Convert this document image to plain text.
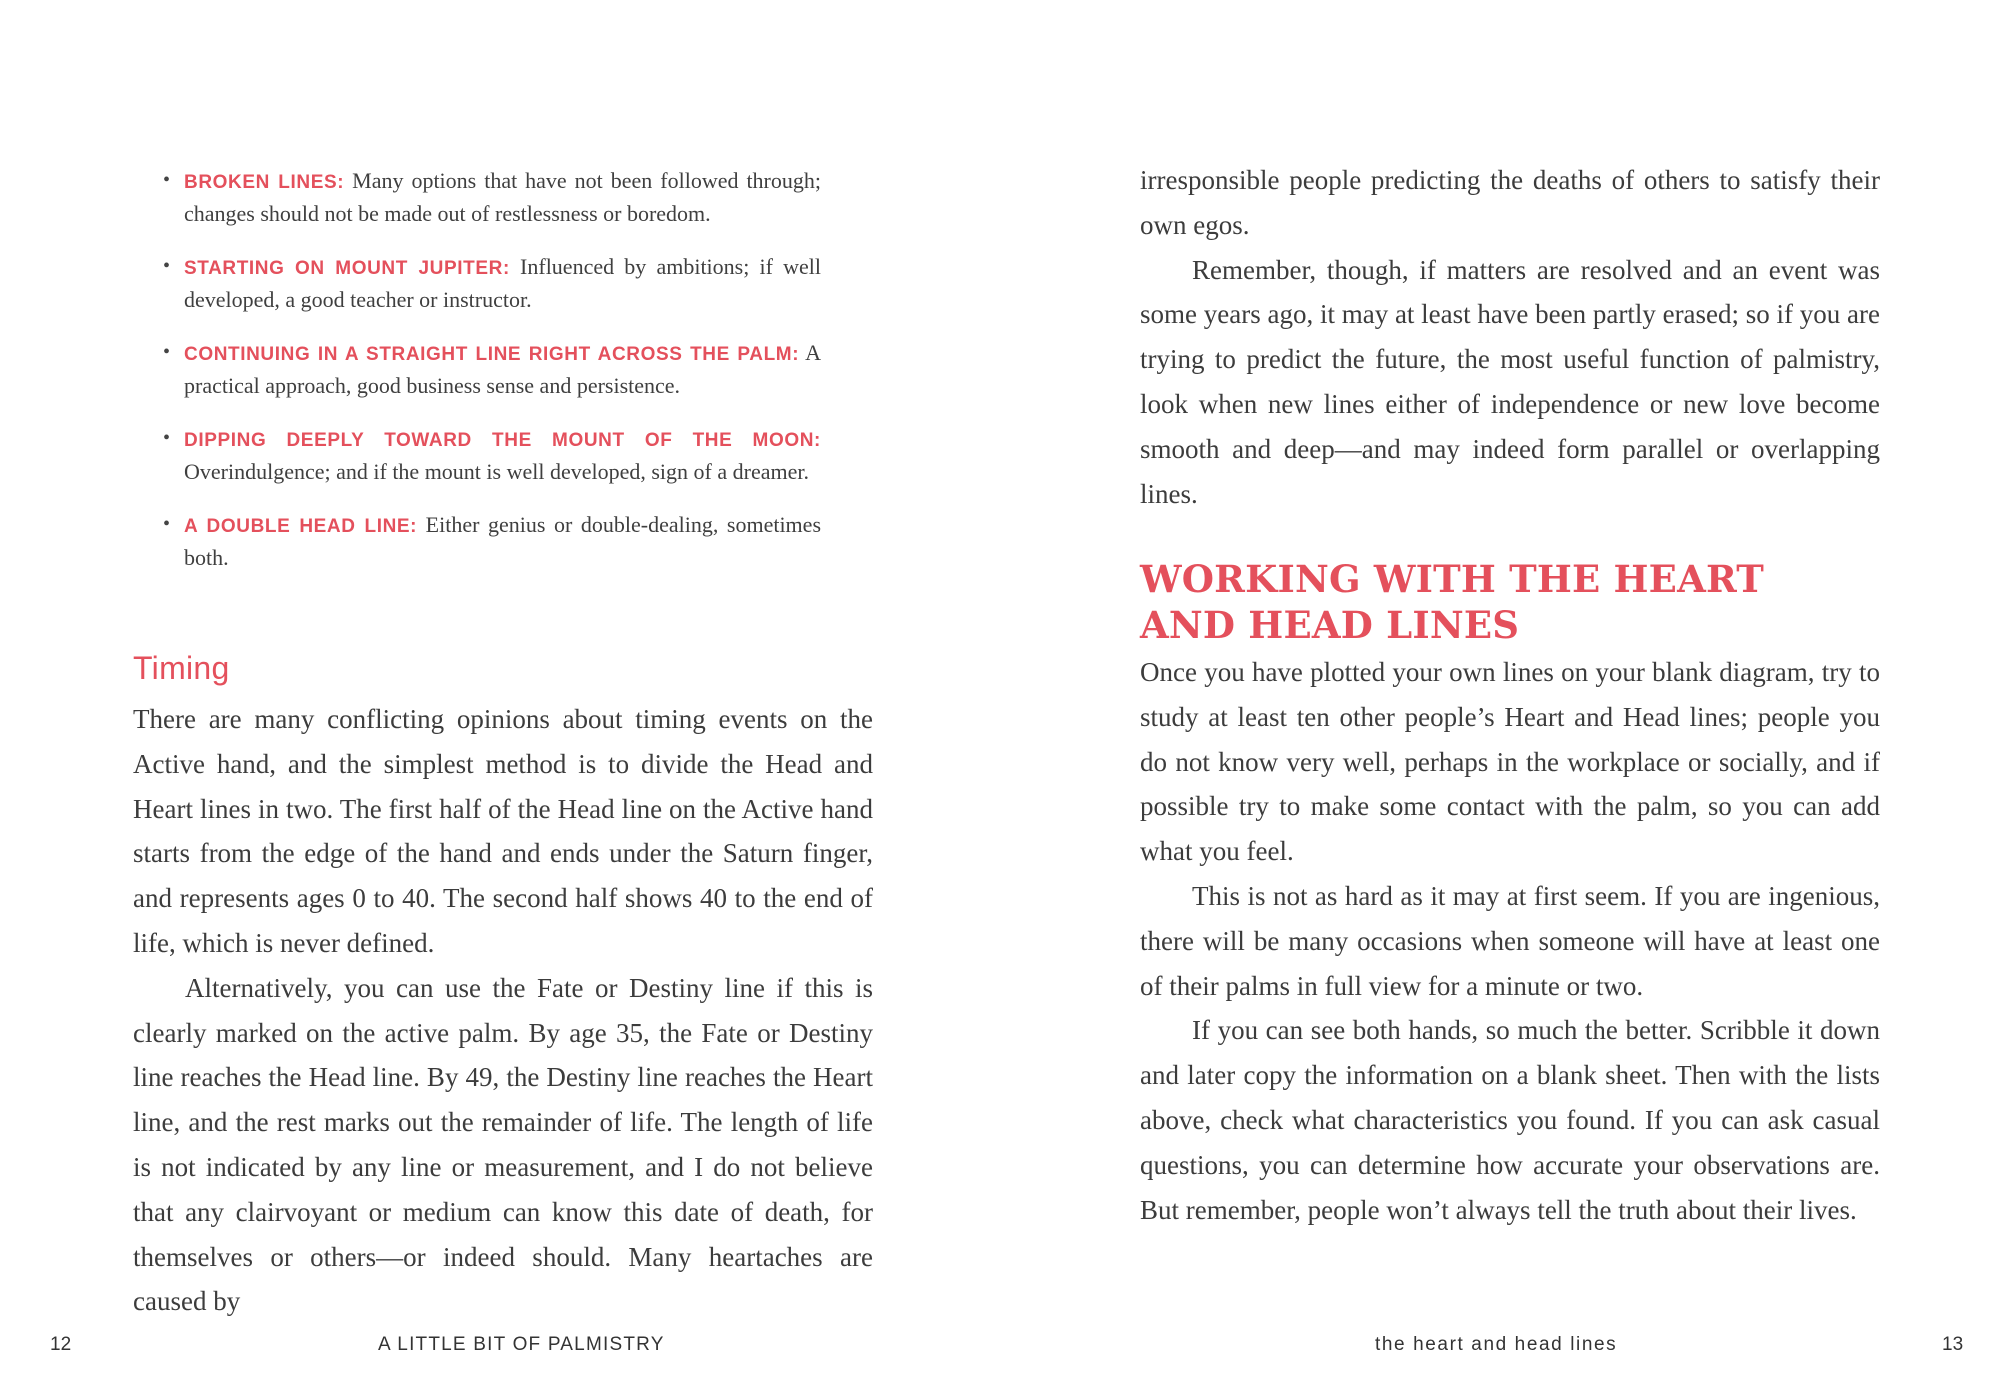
• BROKEN LINES: Many options that have not been followed through; changes should not be made out of restlessness or boredom.
• STARTING ON MOUNT JUPITER: Influenced by ambitions; if well developed, a good teacher or instructor.
• CONTINUING IN A STRAIGHT LINE RIGHT ACROSS THE PALM: A practical approach, good business sense and persistence.
• DIPPING DEEPLY TOWARD THE MOUNT OF THE MOON: Overindulgence; and if the mount is well developed, sign of a dreamer.
• A DOUBLE HEAD LINE: Either genius or double-dealing, sometimes both.
Timing

There are many conflicting opinions about timing events on the Active hand, and the simplest method is to divide the Head and Heart lines in two. The first half of the Head line on the Active hand starts from the edge of the hand and ends under the Saturn finger, and represents ages 0 to 40. The second half shows 40 to the end of life, which is never defined.

Alternatively, you can use the Fate or Destiny line if this is clearly marked on the active palm. By age 35, the Fate or Destiny line reaches the Head line. By 49, the Destiny line reaches the Heart line, and the rest marks out the remainder of life. The length of life is not indicated by any line or measurement, and I do not believe that any clairvoyant or medium can know this date of death, for themselves or others—or indeed should. Many heartaches are caused by

12	A LITTLE BIT OF PALMISTRY

irresponsible people predicting the deaths of others to satisfy their own egos.

Remember, though, if matters are resolved and an event was some years ago, it may at least have been partly erased; so if you are trying to predict the future, the most useful function of palmistry, look when new lines either of independence or new love become smooth and deep—and may indeed form parallel or overlapping lines.

WORKING WITH THE HEART AND HEAD LINES

Once you have plotted your own lines on your blank diagram, try to study at least ten other people’s Heart and Head lines; people you do not know very well, perhaps in the workplace or socially, and if possible try to make some contact with the palm, so you can add what you feel.

This is not as hard as it may at first seem. If you are ingenious, there will be many occasions when someone will have at least one of their palms in full view for a minute or two.

If you can see both hands, so much the better. Scribble it down and later copy the information on a blank sheet. Then with the lists above, check what characteristics you found. If you can ask casual questions, you can determine how accurate your observations are. But remember, people won’t always tell the truth about their lives.

the heart and head lines	13
